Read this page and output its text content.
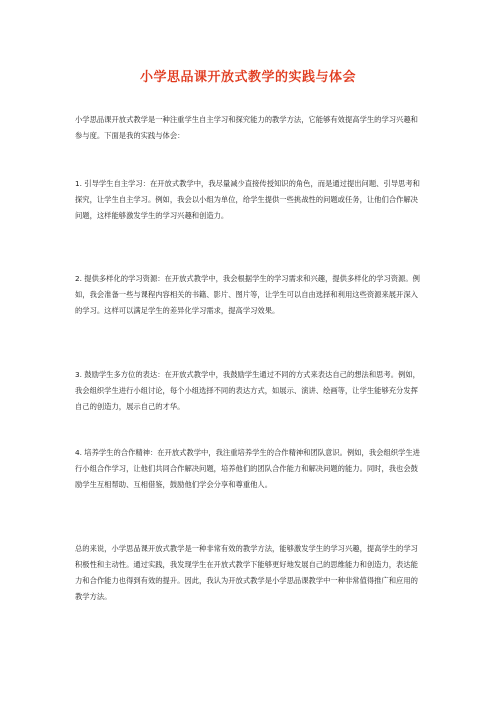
小学思品课开放式教学的实践与体会

小学思品课开放式教学是一种注重学生自主学习和探究能力的教学方法，它能够有效提高学生的学习兴趣和参与度。下面是我的实践与体会：

1. 引导学生自主学习：在开放式教学中，我尽量减少直接传授知识的角色，而是通过提出问题、引导思考和探究，让学生自主学习。例如，我会以小组为单位，给学生提供一些挑战性的问题或任务，让他们合作解决问题，这样能够激发学生的学习兴趣和创造力。

2. 提供多样化的学习资源：在开放式教学中，我会根据学生的学习需求和兴趣，提供多样化的学习资源。例如，我会准备一些与课程内容相关的书籍、影片、图片等，让学生可以自由选择和利用这些资源来展开深入的学习。这样可以满足学生的差异化学习需求，提高学习效果。

3. 鼓励学生多方位的表达：在开放式教学中，我鼓励学生通过不同的方式来表达自己的想法和思考。例如，我会组织学生进行小组讨论，每个小组选择不同的表达方式，如展示、演讲、绘画等，让学生能够充分发挥自己的创造力，展示自己的才华。

4. 培养学生的合作精神：在开放式教学中，我注重培养学生的合作精神和团队意识。例如，我会组织学生进行小组合作学习，让他们共同合作解决问题，培养他们的团队合作能力和解决问题的能力。同时，我也会鼓励学生互相帮助、互相借鉴，鼓励他们学会分享和尊重他人。

总的来说，小学思品课开放式教学是一种非常有效的教学方法，能够激发学生的学习兴趣，提高学生的学习积极性和主动性。通过实践，我发现学生在开放式教学下能够更好地发展自己的思维能力和创造力，表达能力和合作能力也得到有效的提升。因此，我认为开放式教学是小学思品课教学中一种非常值得推广和应用的教学方法。
